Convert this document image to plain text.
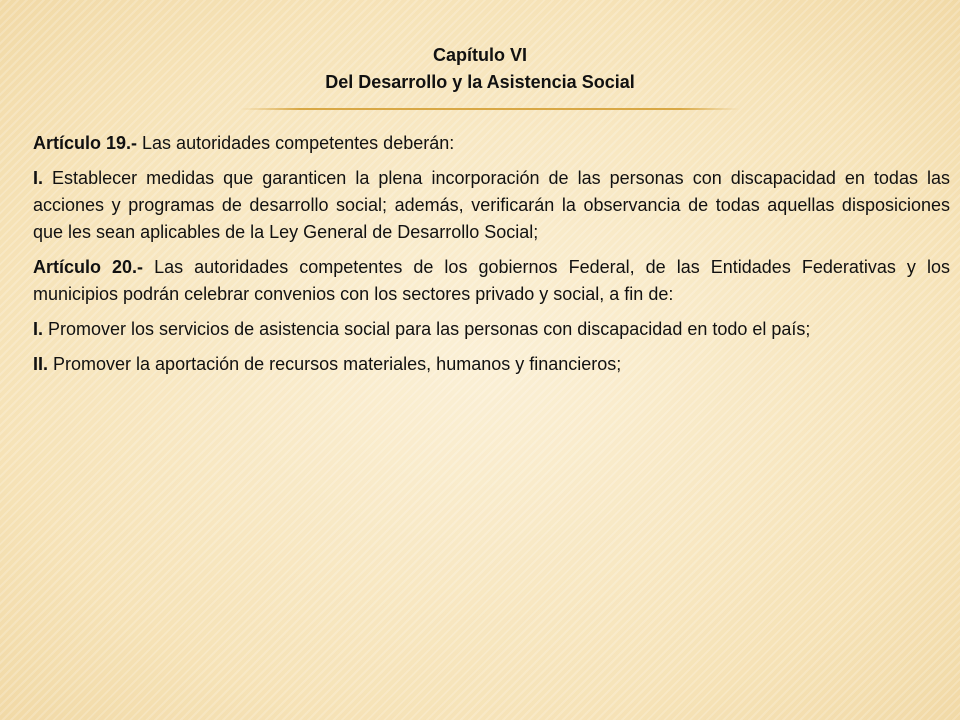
Capítulo VI

Del Desarrollo y la Asistencia Social

Artículo 19.- Las autoridades competentes deberán:

I. Establecer medidas que garanticen la plena incorporación de las personas con discapacidad en todas las acciones y programas de desarrollo social; además, verificarán la observancia de todas aquellas disposiciones que les sean aplicables de la Ley General de Desarrollo Social;

Artículo 20.- Las autoridades competentes de los gobiernos Federal, de las Entidades Federativas y los municipios podrán celebrar convenios con los sectores privado y social, a fin de:

I. Promover los servicios de asistencia social para las personas con discapacidad en todo el país;

II. Promover la aportación de recursos materiales, humanos y financieros;
